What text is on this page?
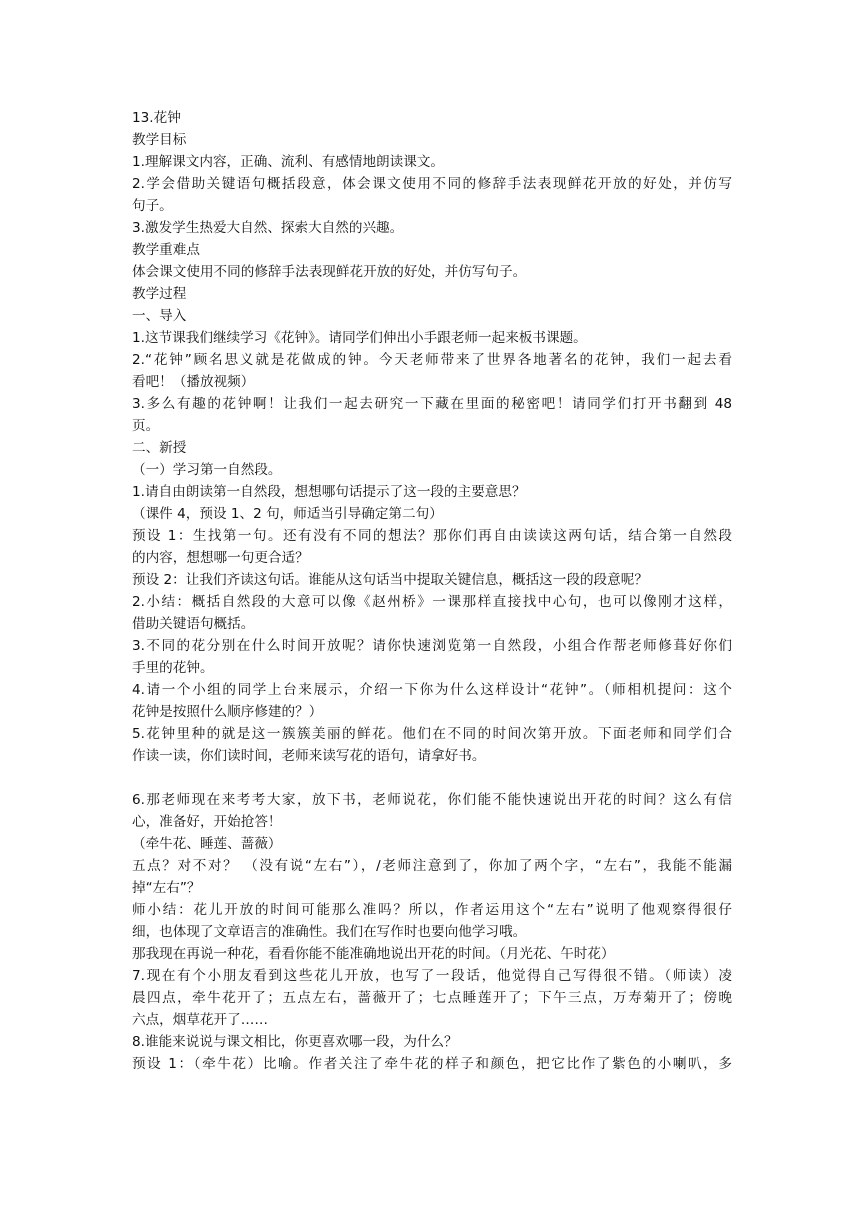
13.花钟
教学目标
1.理解课文内容，正确、流利、有感情地朗读课文。
2.学会借助关键语句概括段意，体会课文使用不同的修辞手法表现鲜花开放的好处，并仿写
句子。
3.激发学生热爱大自然、探索大自然的兴趣。
教学重难点
体会课文使用不同的修辞手法表现鲜花开放的好处，并仿写句子。
教学过程
一、导入
1.这节课我们继续学习《花钟》。请同学们伸出小手跟老师一起来板书课题。
2.“花钟”顾名思义就是花做成的钟。今天老师带来了世界各地著名的花钟，我们一起去看
看吧！（播放视频）
3.多么有趣的花钟啊！让我们一起去研究一下藏在里面的秘密吧！请同学们打开书翻到 48
页。
二、新授
（一）学习第一自然段。
1.请自由朗读第一自然段，想想哪句话提示了这一段的主要意思？
（课件 4，预设 1、2 句，师适当引导确定第二句）
预设 1：生找第一句。还有没有不同的想法？那你们再自由读读这两句话，结合第一自然段
的内容，想想哪一句更合适？
预设 2：让我们齐读这句话。谁能从这句话当中提取关键信息，概括这一段的段意呢？
2.小结：概括自然段的大意可以像《赵州桥》一课那样直接找中心句，也可以像刚才这样，
借助关键语句概括。
3.不同的花分别在什么时间开放呢？请你快速浏览第一自然段，小组合作帮老师修葺好你们
手里的花钟。
4.请一个小组的同学上台来展示，介绍一下你为什么这样设计“花钟”。（师相机提问：这个
花钟是按照什么顺序修建的？）
5.花钟里种的就是这一簇簇美丽的鲜花。他们在不同的时间次第开放。下面老师和同学们合
作读一读，你们读时间，老师来读写花的语句，请拿好书。
6.那老师现在来考考大家，放下书，老师说花，你们能不能快速说出开花的时间？这么有信
心，准备好，开始抢答！
（牵牛花、睡莲、蔷薇）
五点？对不对？ （没有说“左右”），/老师注意到了，你加了两个字，“左右”，我能不能漏
掉“左右”？
师小结：花儿开放的时间可能那么准吗？所以，作者运用这个“左右”说明了他观察得很仔
细，也体现了文章语言的准确性。我们在写作时也要向他学习哦。
那我现在再说一种花，看看你能不能准确地说出开花的时间。（月光花、午时花）
7.现在有个小朋友看到这些花儿开放，也写了一段话，他觉得自己写得很不错。（师读）凌
晨四点，牵牛花开了；五点左右，蔷薇开了；七点睡莲开了；下午三点，万寿菊开了；傍晚
六点，烟草花开了……
8.谁能来说说与课文相比，你更喜欢哪一段，为什么？
预设 1：（牵牛花）比喻。作者关注了牵牛花的样子和颜色，把它比作了紫色的小喇叭，多
